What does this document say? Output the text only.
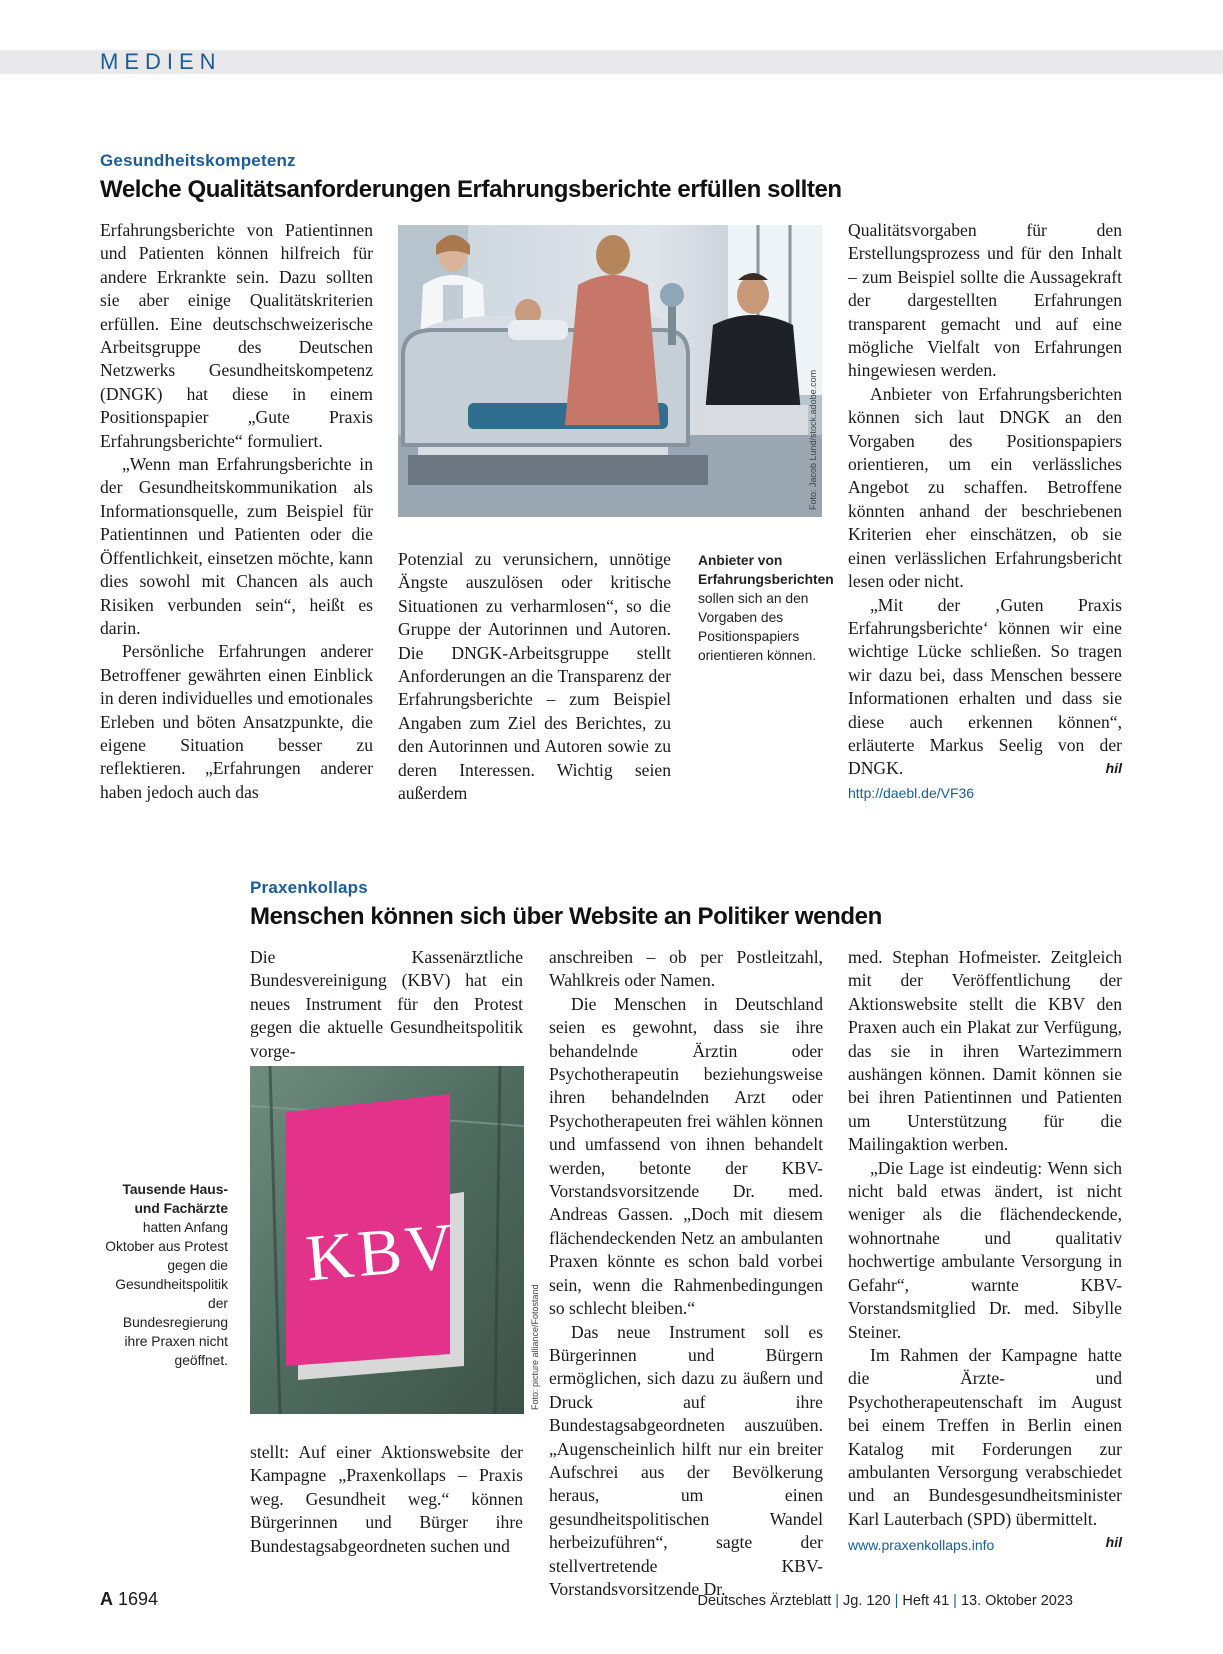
MEDIEN
Gesundheitskompetenz
Welche Qualitätsanforderungen Erfahrungsberichte erfüllen sollten

Erfahrungsberichte von Patientinnen und Patienten können hilfreich für andere Erkrankte sein. Dazu sollten sie aber einige Qualitätskriterien erfüllen. Eine deutschschweizerische Arbeitsgruppe des Deutschen Netzwerks Gesundheitskompetenz (DNGK) hat diese in einem Positionspapier „Gute Praxis Erfahrungsberichte“ formuliert.

„Wenn man Erfahrungsberichte in der Gesundheitskommunikation als Informationsquelle, zum Beispiel für Patientinnen und Patienten oder die Öffentlichkeit, einsetzen möchte, kann dies sowohl mit Chancen als auch Risiken verbunden sein“, heißt es darin.

Persönliche Erfahrungen anderer Betroffener gewährten einen Einblick in deren individuelles und emotionales Erleben und böten Ansatzpunkte, die eigene Situation besser zu reflektieren. „Erfahrungen anderer haben jedoch auch das

Foto: Jacob Lund/stock.adobe.com

Potenzial zu verunsichern, unnötige Ängste auszulösen oder kritische Situationen zu verharmlosen“, so die Gruppe der Autorinnen und Autoren. Die DNGK-Arbeitsgruppe stellt Anforderungen an die Transparenz der Erfahrungsberichte – zum Beispiel Angaben zum Ziel des Berichtes, zu den Autorinnen und Autoren sowie zu deren Interessen. Wichtig seien außerdem

Anbieter von Erfahrungsberichten sollen sich an den Vorgaben des Positionspapiers orientieren können.

Qualitätsvorgaben für den Erstellungsprozess und für den Inhalt – zum Beispiel sollte die Aussagekraft der dargestellten Erfahrungen transparent gemacht und auf eine mögliche Vielfalt von Erfahrungen hingewiesen werden.

Anbieter von Erfahrungsberichten können sich laut DNGK an den Vorgaben des Positionspapiers orientieren, um ein verlässliches Angebot zu schaffen. Betroffene könnten anhand der beschriebenen Kriterien eher einschätzen, ob sie einen verlässlichen Erfahrungsbericht lesen oder nicht.

„Mit der ‚Guten Praxis Erfahrungsberichte‘ können wir eine wichtige Lücke schließen. So tragen wir dazu bei, dass Menschen bessere Informationen erhalten und dass sie diese auch erkennen können“, erläuterte Markus Seelig von der DNGK.	hil

http://daebl.de/VF36
Praxenkollaps
Menschen können sich über Website an Politiker wenden

Die Kassenärztliche Bundesvereinigung (KBV) hat ein neues Instrument für den Protest gegen die aktuelle Gesundheitspolitik vorge-

KBV
Foto: picture alliance/Fotostand
Tausende Haus- und Fachärzte hatten Anfang Oktober aus Protest gegen die Gesundheitspolitik der Bundesregierung ihre Praxen nicht geöffnet.

stellt: Auf einer Aktionswebsite der Kampagne „Praxenkollaps – Praxis weg. Gesundheit weg.“ können Bürgerinnen und Bürger ihre Bundestagsabgeordneten suchen und

anschreiben – ob per Postleitzahl, Wahlkreis oder Namen.

Die Menschen in Deutschland seien es gewohnt, dass sie ihre behandelnde Ärztin oder Psychotherapeutin beziehungsweise ihren behandelnden Arzt oder Psychotherapeuten frei wählen können und umfassend von ihnen behandelt werden, betonte der KBV-Vorstandsvorsitzende Dr. med. Andreas Gassen. „Doch mit diesem flächendeckenden Netz an ambulanten Praxen könnte es schon bald vorbei sein, wenn die Rahmenbedingungen so schlecht bleiben.“

Das neue Instrument soll es Bürgerinnen und Bürgern ermöglichen, sich dazu zu äußern und Druck auf ihre Bundestagsabgeordneten auszuüben. „Augenscheinlich hilft nur ein breiter Aufschrei aus der Bevölkerung heraus, um einen gesundheitspolitischen Wandel herbeizuführen“, sagte der stellvertretende KBV-Vorstandsvorsitzende Dr.

med. Stephan Hofmeister. Zeitgleich mit der Veröffentlichung der Aktionswebsite stellt die KBV den Praxen auch ein Plakat zur Verfügung, das sie in ihren Wartezimmern aushängen können. Damit können sie bei ihren Patientinnen und Patienten um Unterstützung für die Mailingaktion werben.

„Die Lage ist eindeutig: Wenn sich nicht bald etwas ändert, ist nicht weniger als die flächendeckende, wohnortnahe und qualitativ hochwertige ambulante Versorgung in Gefahr“, warnte KBV-Vorstandsmitglied Dr. med. Sibylle Steiner.

Im Rahmen der Kampagne hatte die Ärzte- und Psychotherapeutenschaft im August bei einem Treffen in Berlin einen Katalog mit Forderungen zur ambulanten Versorgung verabschiedet und an Bundesgesundheitsminister Karl Lauterbach (SPD) übermittelt.
hil

www.praxenkollaps.info
A 1694	Deutsches Ärzteblatt | Jg. 120 | Heft 41 | 13. Oktober 2023
